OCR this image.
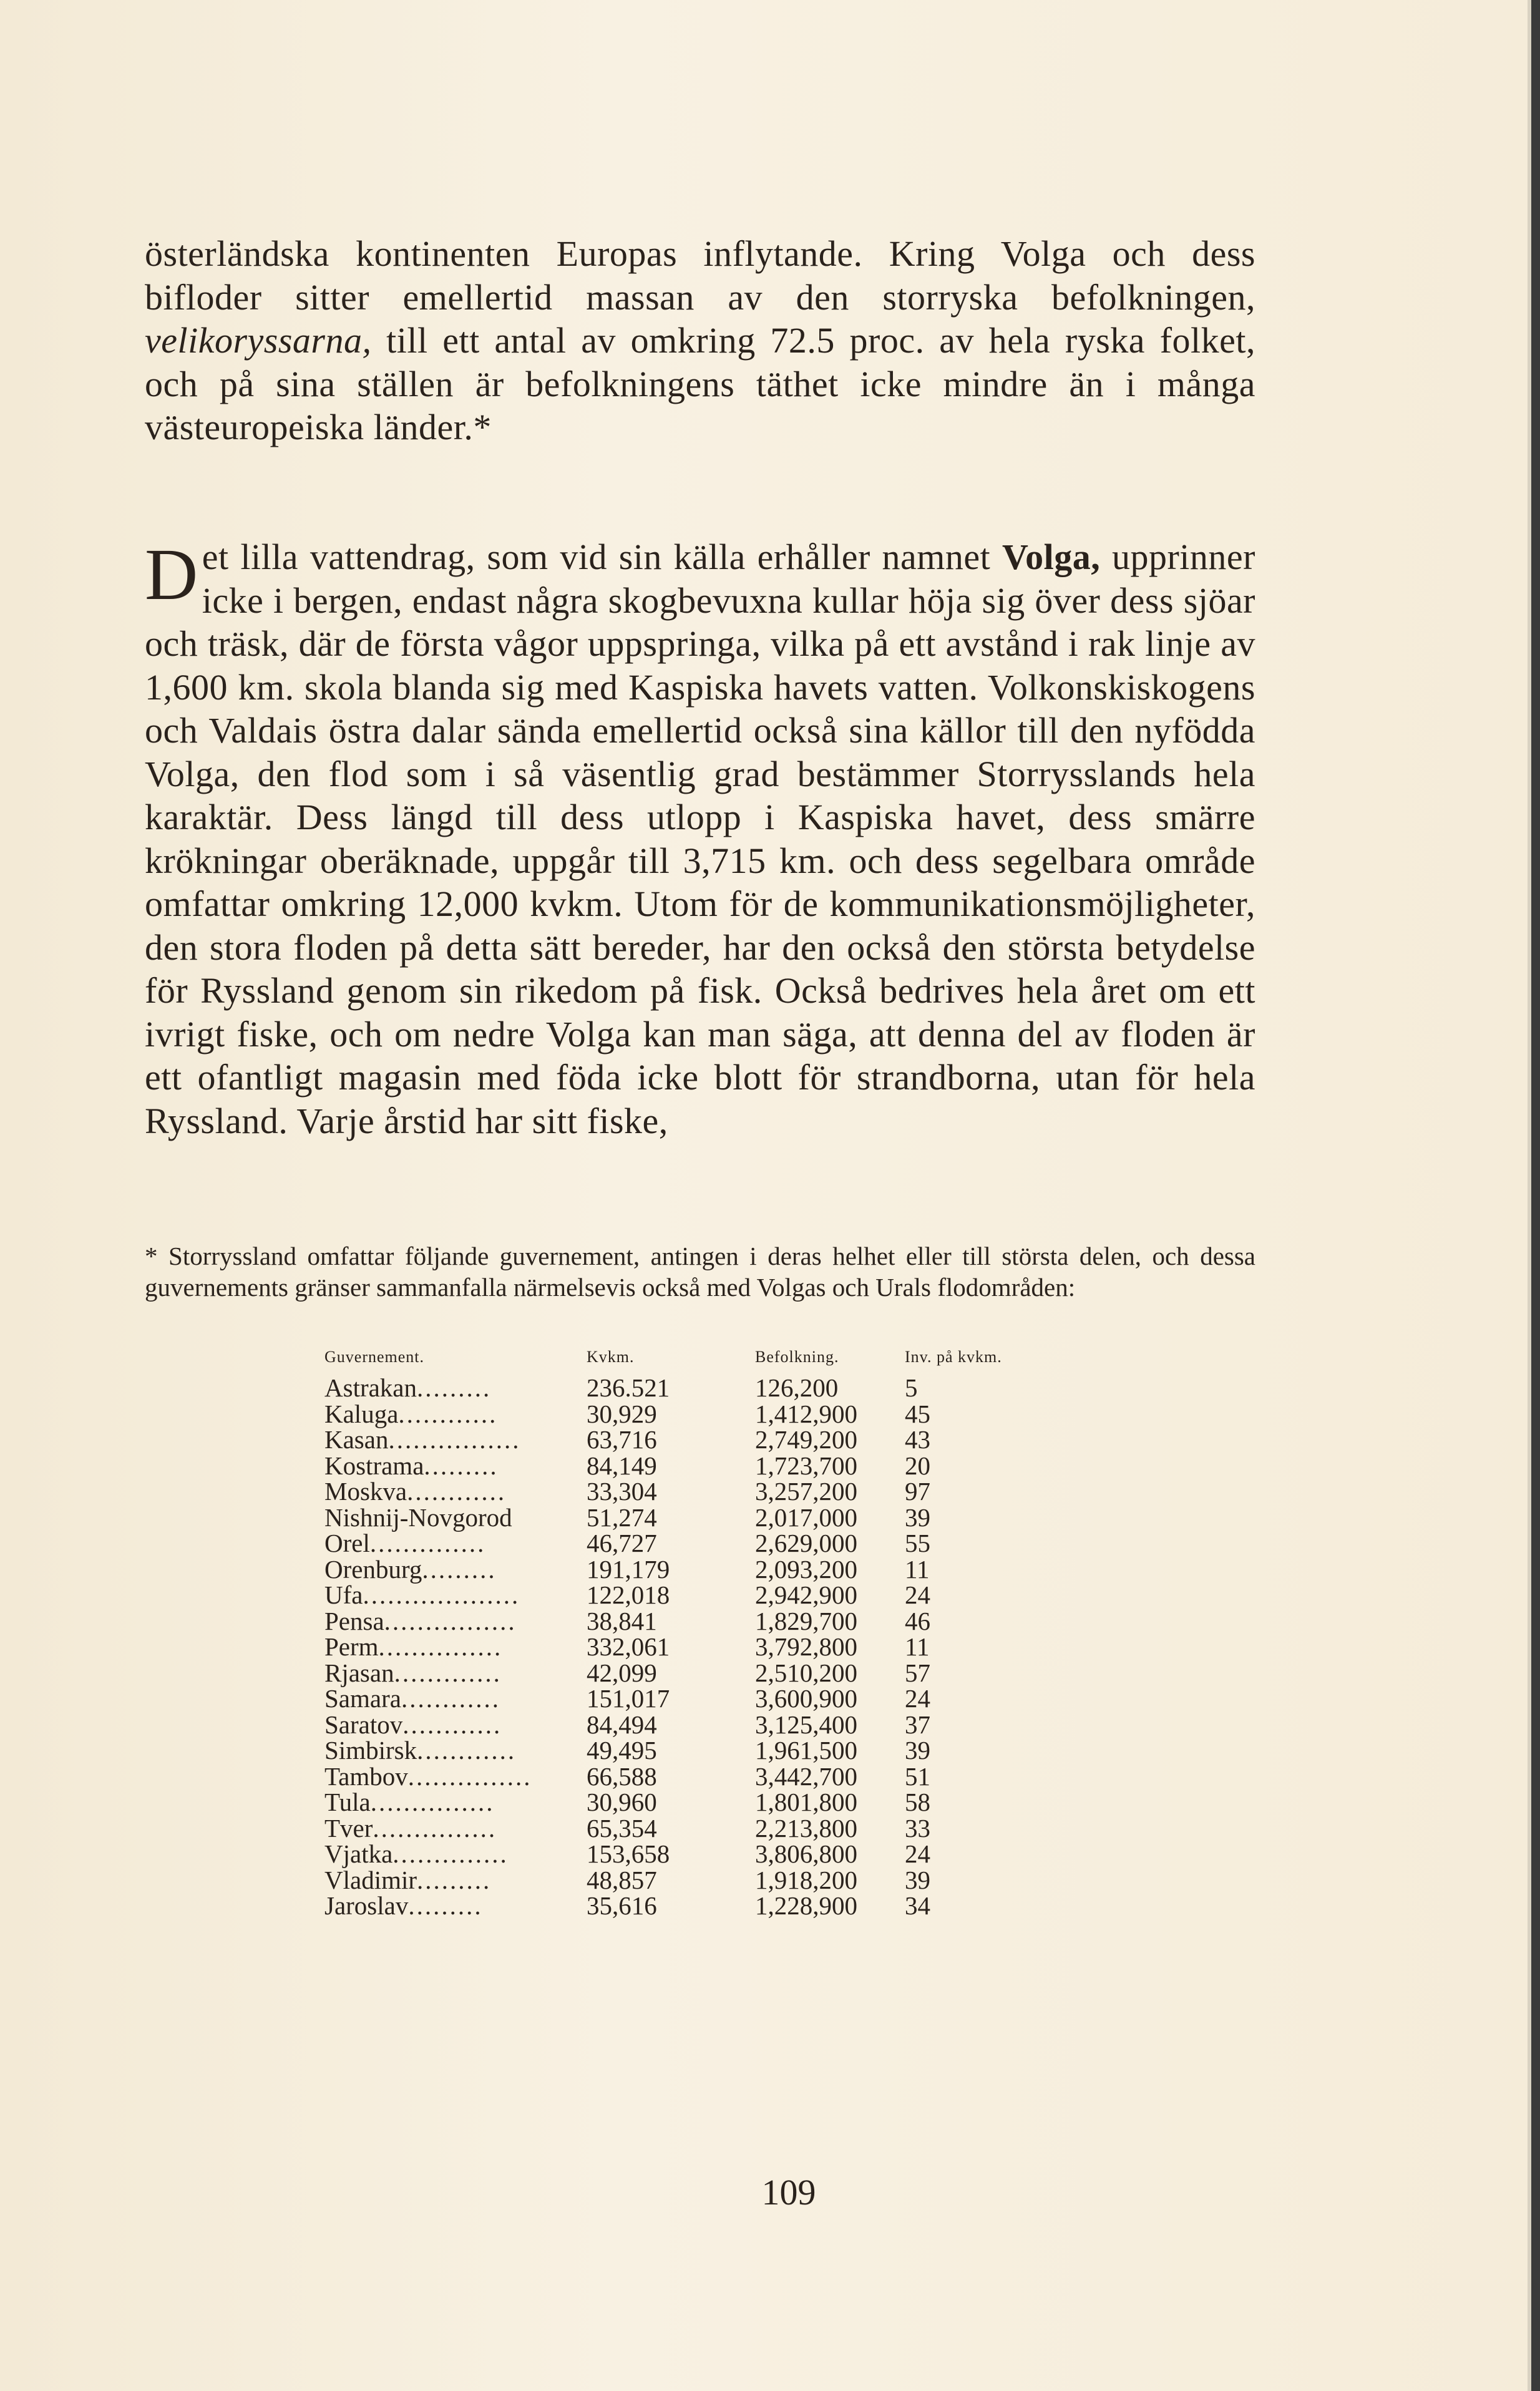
österländska kontinenten Europas inflytande. Kring Volga och dess bifloder sitter emellertid massan av den storryska befolkningen, velikoryssarna, till ett antal av omkring 72.5 proc. av hela ryska folket, och på sina ställen är befolkningens täthet icke mindre än i många västeuropeiska länder.*

Det lilla vattendrag, som vid sin källa erhåller namnet Volga, upprinner icke i bergen, endast några skogbevuxna kullar höja sig över dess sjöar och träsk, där de första vågor uppspringa, vilka på ett avstånd i rak linje av 1,600 km. skola blanda sig med Kaspiska havets vatten. Volkonskiskogens och Valdais östra dalar sända emellertid också sina källor till den nyfödda Volga, den flod som i så väsentlig grad bestämmer Storrysslands hela karaktär. Dess längd till dess utlopp i Kaspiska havet, dess smärre krökningar oberäknade, uppgår till 3,715 km. och dess segelbara område omfattar omkring 12,000 kvkm. Utom för de kommunikationsmöjligheter, den stora floden på detta sätt bereder, har den också den största betydelse för Ryssland genom sin rikedom på fisk. Också bedrives hela året om ett ivrigt fiske, och om nedre Volga kan man säga, att denna del av floden är ett ofantligt magasin med föda icke blott för strandborna, utan för hela Ryssland. Varje årstid har sitt fiske,

* Storryssland omfattar följande guvernement, antingen i deras helhet eller till största delen, och dessa guvernements gränser sammanfalla närmelsevis också med Volgas och Urals flodområden:
Guvernement.	Kvkm.	Befolkning.	Inv. på kvkm.
Astrakan.........	236.521	126,200	5
Kaluga............	30,929	1,412,900	45
Kasan................	63,716	2,749,200	43
Kostrama.........	84,149	1,723,700	20
Moskva............	33,304	3,257,200	97
Nishnij-Novgorod	51,274	2,017,000	39
Orel..............	46,727	2,629,000	55
Orenburg.........	191,179	2,093,200	11
Ufa...................	122,018	2,942,900	24
Pensa................	38,841	1,829,700	46
Perm...............	332,061	3,792,800	11
Rjasan.............	42,099	2,510,200	57
Samara............	151,017	3,600,900	24
Saratov............	84,494	3,125,400	37
Simbirsk............	49,495	1,961,500	39
Tambov...............	66,588	3,442,700	51
Tula...............	30,960	1,801,800	58
Tver...............	65,354	2,213,800	33
Vjatka..............	153,658	3,806,800	24
Vladimir.........	48,857	1,918,200	39
Jaroslav.........	35,616	1,228,900	34
109
